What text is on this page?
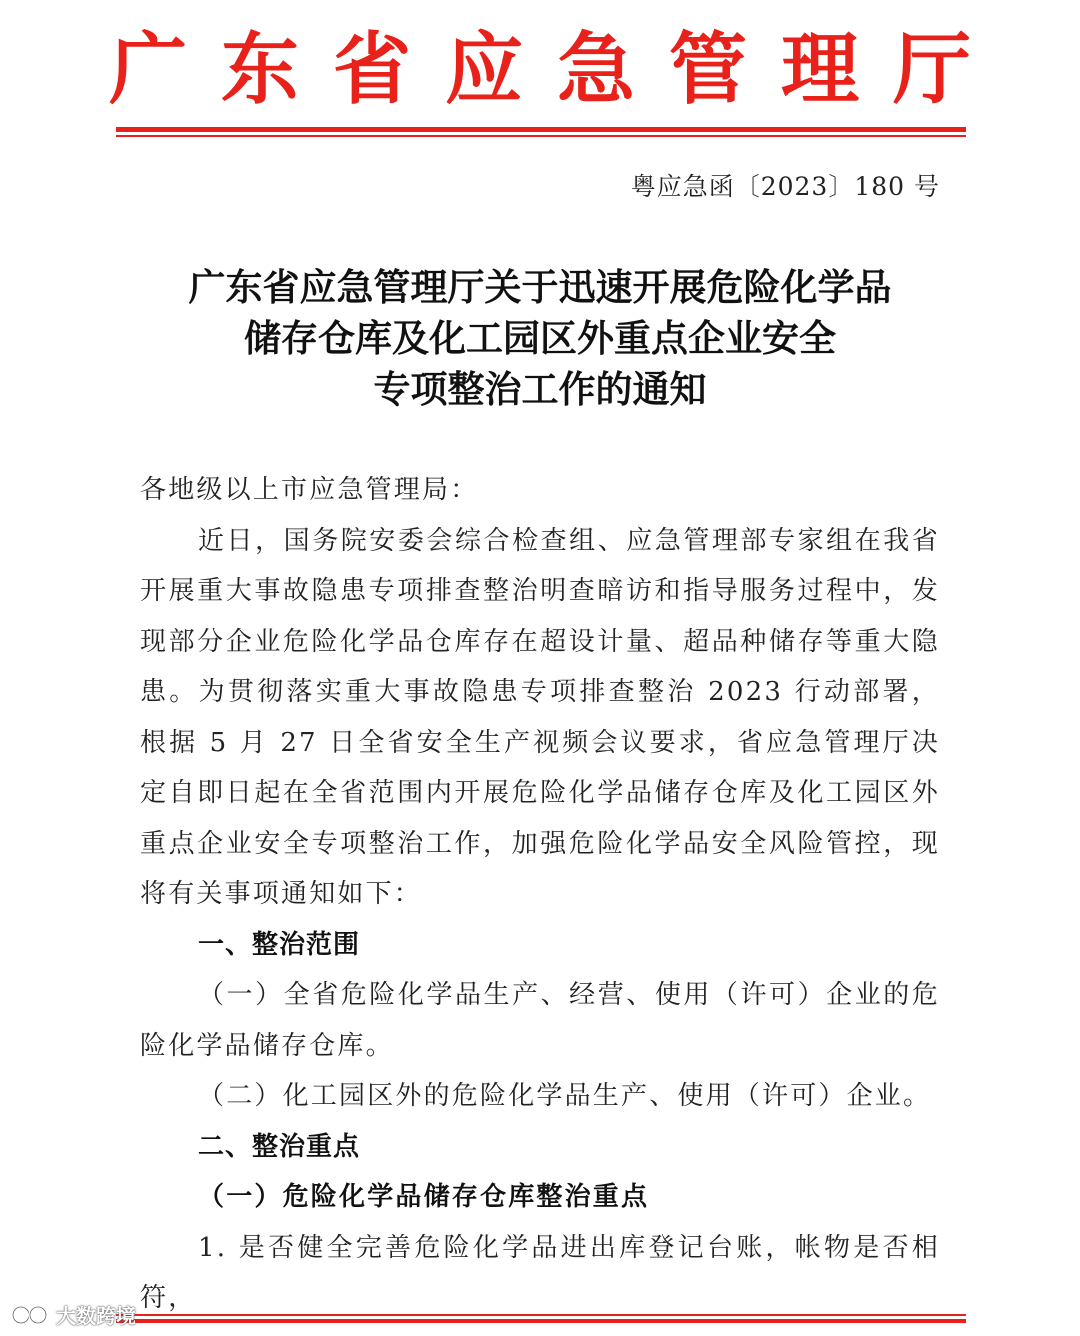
广东省应急管理厅
粤应急函〔2023〕180 号
广东省应急管理厅关于迅速开展危险化学品
储存仓库及化工园区外重点企业安全
专项整治工作的通知

各地级以上市应急管理局：

近日，国务院安委会综合检查组、应急管理部专家组在我省开展重大事故隐患专项排查整治明查暗访和指导服务过程中，发现部分企业危险化学品仓库存在超设计量、超品种储存等重大隐患。为贯彻落实重大事故隐患专项排查整治 2023 行动部署，根据 5 月 27 日全省安全生产视频会议要求，省应急管理厅决定自即日起在全省范围内开展危险化学品储存仓库及化工园区外重点企业安全专项整治工作，加强危险化学品安全风险管控，现将有关事项通知如下：

一、整治范围

（一）全省危险化学品生产、经营、使用（许可）企业的危险化学品储存仓库。

（二）化工园区外的危险化学品生产、使用（许可）企业。

二、整治重点

（一）危险化学品储存仓库整治重点

1. 是否健全完善危险化学品进出库登记台账，帐物是否相符，

大数跨境
